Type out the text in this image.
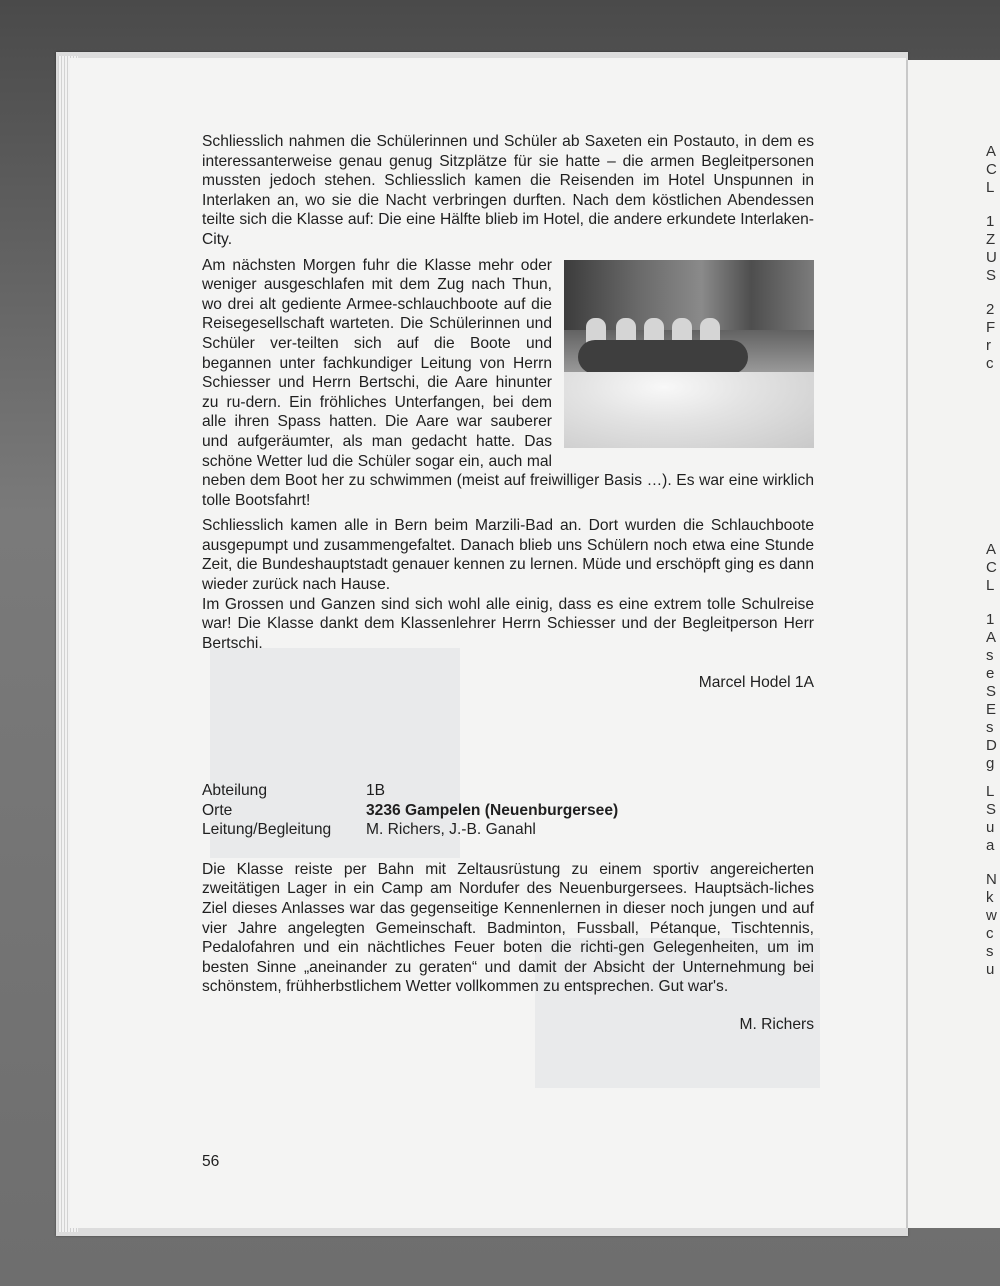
A
C
L
1
Z
U
S
2
F
r
c
A
C
L
1
A
s
e
S
E
s
D
g
L
S
u
a
N
k
w
c
s
u

Schliesslich nahmen die Schülerinnen und Schüler ab Saxeten ein Postauto, in dem es interessanterweise genau genug Sitzplätze für sie hatte – die armen Begleitpersonen mussten jedoch stehen. Schliesslich kamen die Reisenden im Hotel Unspunnen in Interlaken an, wo sie die Nacht verbringen durften. Nach dem köstlichen Abendessen teilte sich die Klasse auf: Die eine Hälfte blieb im Hotel, die andere erkundete Interlaken-City.

Am nächsten Morgen fuhr die Klasse mehr oder weniger ausgeschlafen mit dem Zug nach Thun, wo drei alt gediente Armee-schlauchboote auf die Reisegesellschaft warteten. Die Schülerinnen und Schüler ver-teilten sich auf die Boote und begannen unter fachkundiger Leitung von Herrn Schiesser und Herrn Bertschi, die Aare hinunter zu ru-dern. Ein fröhliches Unterfangen, bei dem alle ihren Spass hatten. Die Aare war sauberer und aufgeräumter, als man gedacht hatte. Das schöne Wetter lud die Schüler sogar ein, auch mal neben dem Boot her zu schwimmen (meist auf freiwilliger Basis …). Es war eine wirklich tolle Bootsfahrt!

Schliesslich kamen alle in Bern beim Marzili-Bad an. Dort wurden die Schlauchboote ausgepumpt und zusammengefaltet. Danach blieb uns Schülern noch etwa eine Stunde Zeit, die Bundeshauptstadt genauer kennen zu lernen. Müde und erschöpft ging es dann wieder zurück nach Hause.

Im Grossen und Ganzen sind sich wohl alle einig, dass es eine extrem tolle Schulreise war! Die Klasse dankt dem Klassenlehrer Herrn Schiesser und der Begleitperson Herr Bertschi.

Marcel Hodel 1A
Abteilung	1B
Orte	3236 Gampelen (Neuenburgersee)
Leitung/Begleitung	M. Richers, J.-B. Ganahl
Die Klasse reiste per Bahn mit Zeltausrüstung zu einem sportiv angereicherten zweitätigen Lager in ein Camp am Nordufer des Neuenburgersees. Hauptsäch-liches Ziel dieses Anlasses war das gegenseitige Kennenlernen in dieser noch jungen und auf vier Jahre angelegten Gemeinschaft. Badminton, Fussball, Pétanque, Tischtennis, Pedalofahren und ein nächtliches Feuer boten die richti-gen Gelegenheiten, um im besten Sinne „aneinander zu geraten“ und damit der Absicht der Unternehmung bei schönstem, frühherbstlichem Wetter vollkommen zu entsprechen. Gut war's.
M. Richers
56
